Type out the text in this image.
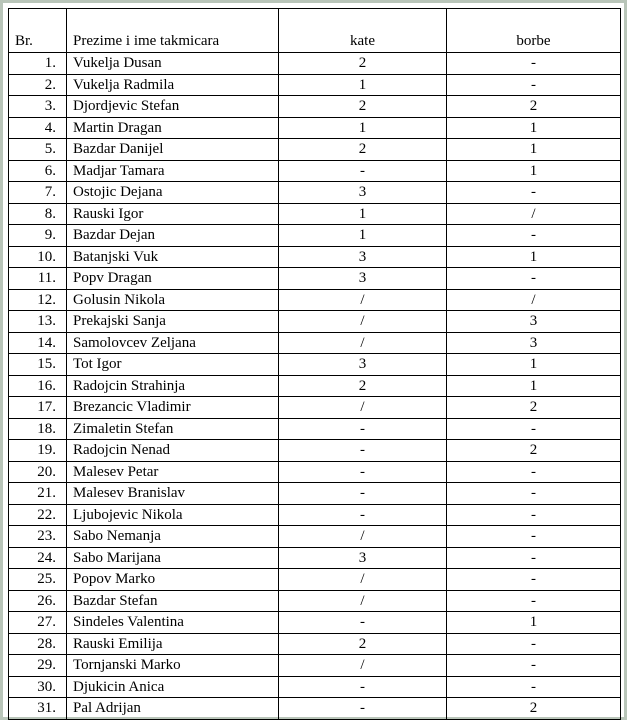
Br.	Prezime i ime takmicara	kate	borbe
1.	Vukelja Dusan	2	-
2.	Vukelja Radmila	1	-
3.	Djordjevic Stefan	2	2
4.	Martin Dragan	1	1
5.	Bazdar Danijel	2	1
6.	Madjar Tamara	-	1
7.	Ostojic Dejana	3	-
8.	Rauski Igor	1	/
9.	Bazdar Dejan	1	-
10.	Batanjski Vuk	3	1
11.	Popv Dragan	3	-
12.	Golusin Nikola	/	/
13.	Prekajski Sanja	/	3
14.	Samolovcev Zeljana	/	3
15.	Tot Igor	3	1
16.	Radojcin Strahinja	2	1
17.	Brezancic Vladimir	/	2
18.	Zimaletin Stefan	-	-
19.	Radojcin Nenad	-	2
20.	Malesev Petar	-	-
21.	Malesev Branislav	-	-
22.	Ljubojevic Nikola	-	-
23.	Sabo Nemanja	/	-
24.	Sabo Marijana	3	-
25.	Popov Marko	/	-
26.	Bazdar Stefan	/	-
27.	Sindeles Valentina	-	1
28.	Rauski Emilija	2	-
29.	Tornjanski Marko	/	-
30.	Djukicin Anica	-	-
31.	Pal Adrijan	-	2
